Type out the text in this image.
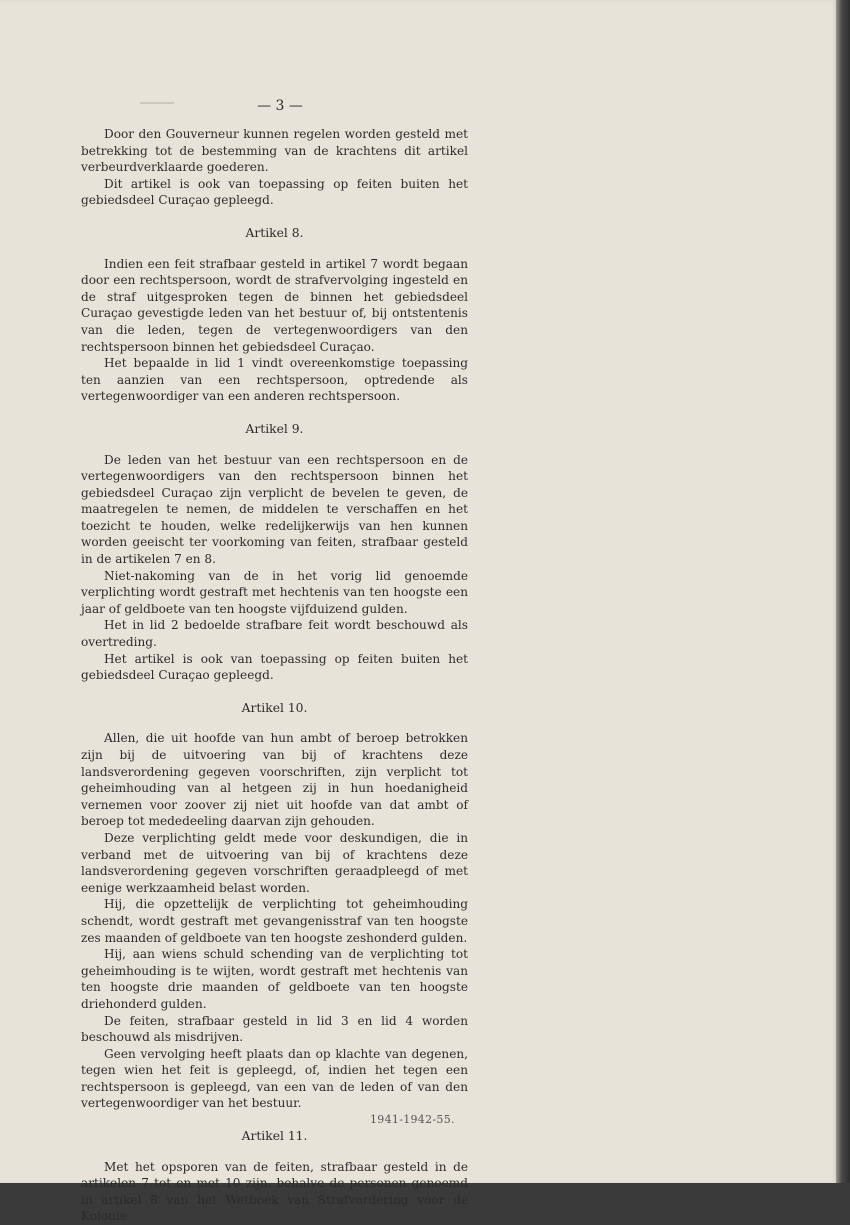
— 3 —

Door den Gouverneur kunnen regelen worden gesteld met betrekking tot de bestemming van de krachtens dit artikel verbeurdverklaarde goederen.

Dit artikel is ook van toepassing op feiten buiten het gebiedsdeel Curaçao gepleegd.

Artikel 8.

Indien een feit strafbaar gesteld in artikel 7 wordt begaan door een rechtspersoon, wordt de strafvervolging ingesteld en de straf uitgesproken tegen de binnen het gebiedsdeel Curaçao gevestigde leden van het bestuur of, bij ontstentenis van die leden, tegen de vertegenwoordigers van den rechtspersoon binnen het gebiedsdeel Curaçao.

Het bepaalde in lid 1 vindt overeenkomstige toepassing ten aanzien van een rechtspersoon, optredende als vertegenwoordiger van een anderen rechtspersoon.

Artikel 9.

De leden van het bestuur van een rechtspersoon en de vertegenwoordigers van den rechtspersoon binnen het gebiedsdeel Curaçao zijn verplicht de bevelen te geven, de maatregelen te nemen, de middelen te verschaffen en het toezicht te houden, welke redelijkerwijs van hen kunnen worden geeischt ter voorkoming van feiten, strafbaar gesteld in de artikelen 7 en 8.

Niet-nakoming van de in het vorig lid genoemde verplichting wordt gestraft met hechtenis van ten hoogste een jaar of geldboete van ten hoogste vijfduizend gulden.

Het in lid 2 bedoelde strafbare feit wordt beschouwd als overtreding.

Het artikel is ook van toepassing op feiten buiten het gebiedsdeel Curaçao gepleegd.

Artikel 10.

Allen, die uit hoofde van hun ambt of beroep betrokken zijn bij de uitvoering van bij of krachtens deze landsverordening gegeven voorschriften, zijn verplicht tot geheimhouding van al hetgeen zij in hun hoedanigheid vernemen voor zoover zij niet uit hoofde van dat ambt of beroep tot mededeeling daarvan zijn gehouden.

Deze verplichting geldt mede voor deskundigen, die in verband met de uitvoering van bij of krachtens deze landsverordening gegeven vorschriften geraadpleegd of met eenige werkzaamheid belast worden.

Hij, die opzettelijk de verplichting tot geheimhouding schendt, wordt gestraft met gevangenisstraf van ten hoogste zes maanden of geldboete van ten hoogste zeshonderd gulden.

Hij, aan wiens schuld schending van de verplichting tot geheimhouding is te wijten, wordt gestraft met hechtenis van ten hoogste drie maanden of geldboete van ten hoogste driehonderd gulden.

De feiten, strafbaar gesteld in lid 3 en lid 4 worden beschouwd als misdrijven.

Geen vervolging heeft plaats dan op klachte van degenen, tegen wien het feit is gepleegd, of, indien het tegen een rechtspersoon is gepleegd, van een van de leden of van den vertegenwoordiger van het bestuur.

Artikel 11.

Met het opsporen van de feiten, strafbaar gesteld in de artikelen 7 tot en met 10 zijn, behalve de personen genoemd in artikel 8 van het Wetboek van Strafvordering voor de Kolonie

1941-1942-55.
